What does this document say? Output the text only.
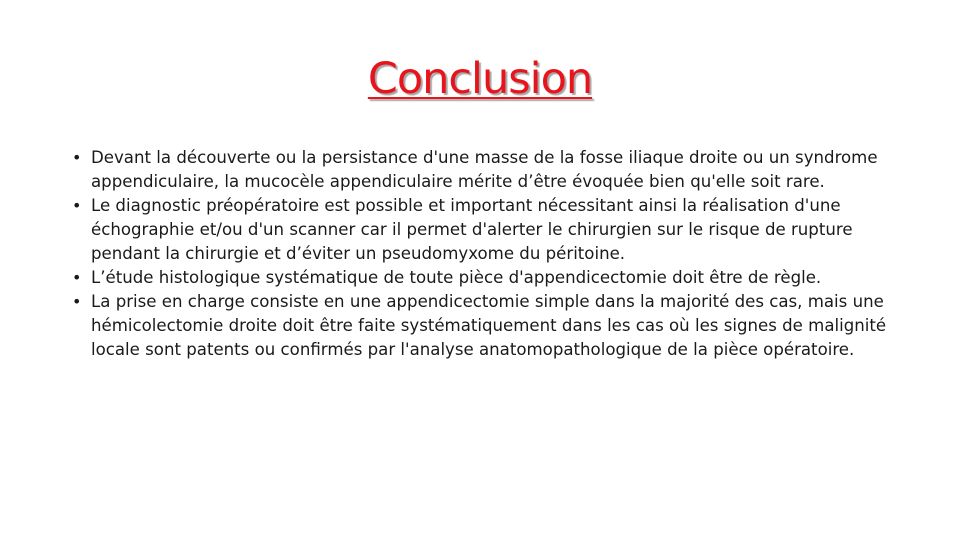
Conclusion
• Devant la découverte ou la persistance d'une masse de la fosse iliaque droite ou un syndrome appendiculaire, la mucocèle appendiculaire mérite d’être évoquée bien qu'elle soit rare.
• Le diagnostic préopératoire est possible et important nécessitant ainsi la réalisation d'une échographie et/ou d'un scanner car il permet d'alerter le chirurgien sur le risque de rupture pendant la chirurgie et d’éviter un pseudomyxome du péritoine.
• L’étude histologique systématique de toute pièce d'appendicectomie doit être de règle.
• La prise en charge consiste en une appendicectomie simple dans la majorité des cas, mais une hémicolectomie droite doit être faite systématiquement dans les cas où les signes de malignité locale sont patents ou confirmés par l'analyse anatomopathologique de la pièce opératoire.
